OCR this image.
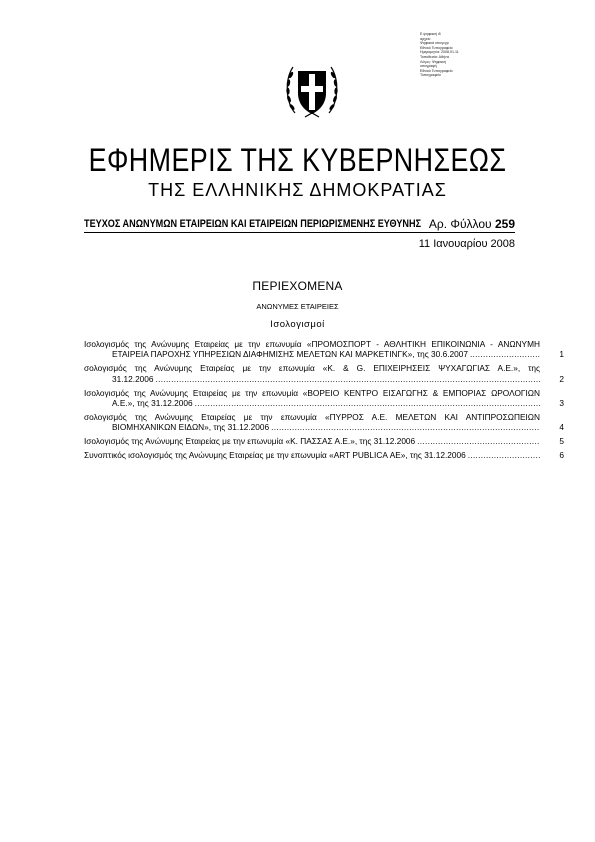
Ε ψηφιακή ιδ
αρχείο
Ψηφιακά υπογεγρ
Εθνικό Τυπογραφείο
Ημερομηνία: 2008.01.11
Τοποθεσία: Αθήνα
Λόγος: Ψηφιακή
υπογραφή
Εθνικό Τυπογραφείο
Τυπογραφείο
ΕΦΗΜΕΡΙΣ ΤΗΣ ΚΥΒΕΡΝΗΣΕΩΣ
ΤΗΣ ΕΛΛΗΝΙΚΗΣ ΔΗΜΟΚΡΑΤΙΑΣ
ΤΕΥΧΟΣ ΑΝΩΝΥΜΩΝ ΕΤΑΙΡΕΙΩΝ ΚΑΙ ΕΤΑΙΡΕΙΩΝ ΠΕΡΙΩΡΙΣΜΕΝΗΣ ΕΥΘΥΝΗΣ Αρ. Φύλλου 259
11 Ιανουαρίου 2008
ΠΕΡΙΕΧΟΜΕΝΑ
ΑΝΩΝΥΜΕΣ ΕΤΑΙΡΕΙΕΣ
Ισολογισμοί
Ισολογισμός της Ανώνυμης Εταιρείας με την επωνυμία «ΠΡΟΜΟΣΠΟΡΤ - ΑΘΛΗΤΙΚΗ ΕΠΙΚΟΙΝΩΝΙΑ - ΑΝΩΝΥΜΗ
ΕΤΑΙΡΕΙΑ ΠΑΡΟΧΗΣ ΥΠΗΡΕΣΙΩΝ ΔΙΑΦΗΜΙΣΗΣ ΜΕΛΕΤΩΝ ΚΑΙ ΜΑΡΚΕΤΙΝΓΚ», της 30.6.2007 .....	1
σολογισμός της Ανώνυμης Εταιρείας με την επωνυμία «Κ. & G. ΕΠΙΧΕΙΡΗΣΕΙΣ ΨΥΧΑΓΩΓΙΑΣ Α.Ε.», της
31.12.2006 .....	2
Ισολογισμός της Ανώνυμης Εταιρείας με την επωνυμία «ΒΟΡΕΙΟ ΚΕΝΤΡΟ ΕΙΣΑΓΩΓΗΣ & ΕΜΠΟΡΙΑΣ ΩΡΟΛΟΓΙΩΝ
Α.Ε.», της 31.12.2006 .....	3
σολογισμός της Ανώνυμης Εταιρείας με την επωνυμία «ΠΥΡΡΟΣ Α.Ε. ΜΕΛΕΤΩΝ ΚΑΙ ΑΝΤΙΠΡΟΣΩΠΕΙΩΝ
ΒΙΟΜΗΧΑΝΙΚΩΝ ΕΙΔΩΝ», της 31.12.2006 .....	4
Ισολογισμός της Ανώνυμης Εταιρείας με την επωνυμία «Κ. ΠΑΣΣΑΣ Α.Ε.», της 31.12.2006 .....	5
Συνοπτικός ισολογισμός της Ανώνυμης Εταιρείας με την επωνυμία «ART PUBLICA ΑΕ», της 31.12.2006 .....	6
